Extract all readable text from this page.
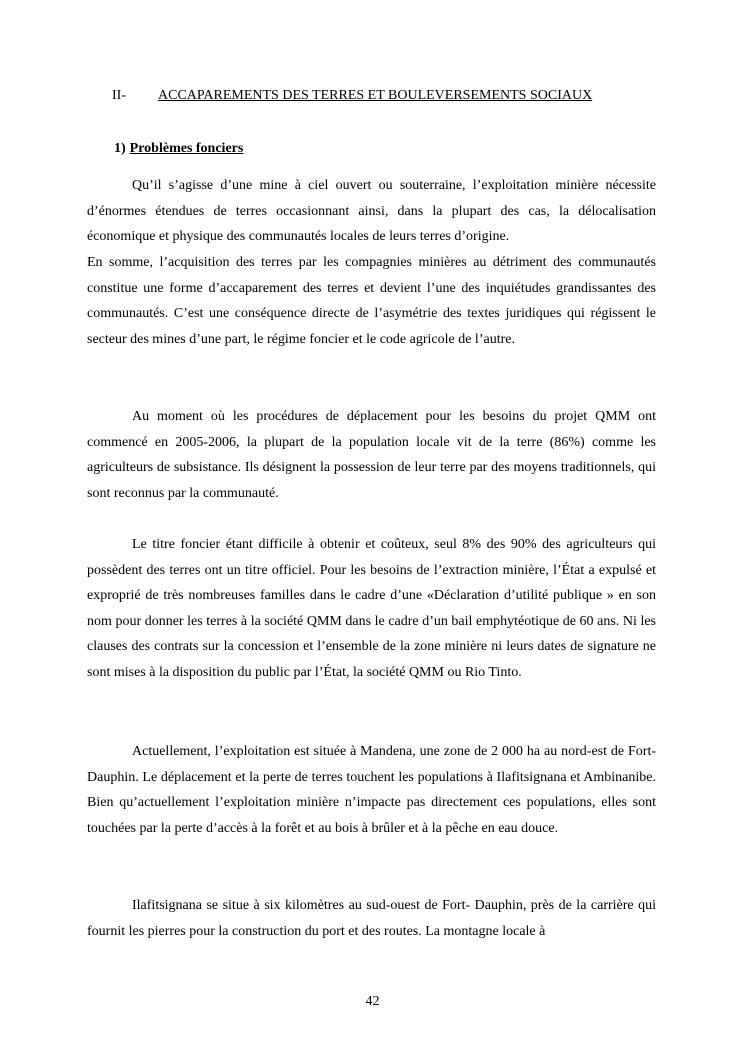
II- ACCAPAREMENTS DES TERRES ET BOULEVERSEMENTS SOCIAUX
1) Problèmes fonciers

Qu’il s’agisse d’une mine à ciel ouvert ou souterraine, l’exploitation minière nécessite d’énormes étendues de terres occasionnant ainsi, dans la plupart des cas, la délocalisation économique et physique des communautés locales de leurs terres d’origine.

En somme, l’acquisition des terres par les compagnies minières au détriment des communautés constitue une forme d’accaparement des terres et devient l’une des inquiétudes grandissantes des communautés. C’est une conséquence directe de l’asymétrie des textes juridiques qui régissent le secteur des mines d’une part, le régime foncier et le code agricole de l’autre.

Au moment où les procédures de déplacement pour les besoins du projet QMM ont commencé en 2005-2006, la plupart de la population locale vit de la terre (86%) comme les agriculteurs de subsistance. Ils désignent la possession de leur terre par des moyens traditionnels, qui sont reconnus par la communauté.

Le titre foncier étant difficile à obtenir et coûteux, seul 8% des 90% des agriculteurs qui possèdent des terres ont un titre officiel. Pour les besoins de l’extraction minière, l’État a expulsé et exproprié de très nombreuses familles dans le cadre d’une «Déclaration d’utilité publique » en son nom pour donner les terres à la société QMM dans le cadre d’un bail emphytéotique de 60 ans. Ni les clauses des contrats sur la concession et l’ensemble de la zone minière ni leurs dates de signature ne sont mises à la disposition du public par l’État, la société QMM ou Rio Tinto.

Actuellement, l’exploitation est située à Mandena, une zone de 2 000 ha au nord-est de Fort-Dauphin. Le déplacement et la perte de terres touchent les populations à Ilafitsignana et Ambinanibe. Bien qu’actuellement l’exploitation minière n’impacte pas directement ces populations, elles sont touchées par la perte d’accès à la forêt et au bois à brûler et à la pêche en eau douce.

Ilafitsignana se situe à six kilomètres au sud-ouest de Fort- Dauphin, près de la carrière qui fournit les pierres pour la construction du port et des routes. La montagne locale à

42
